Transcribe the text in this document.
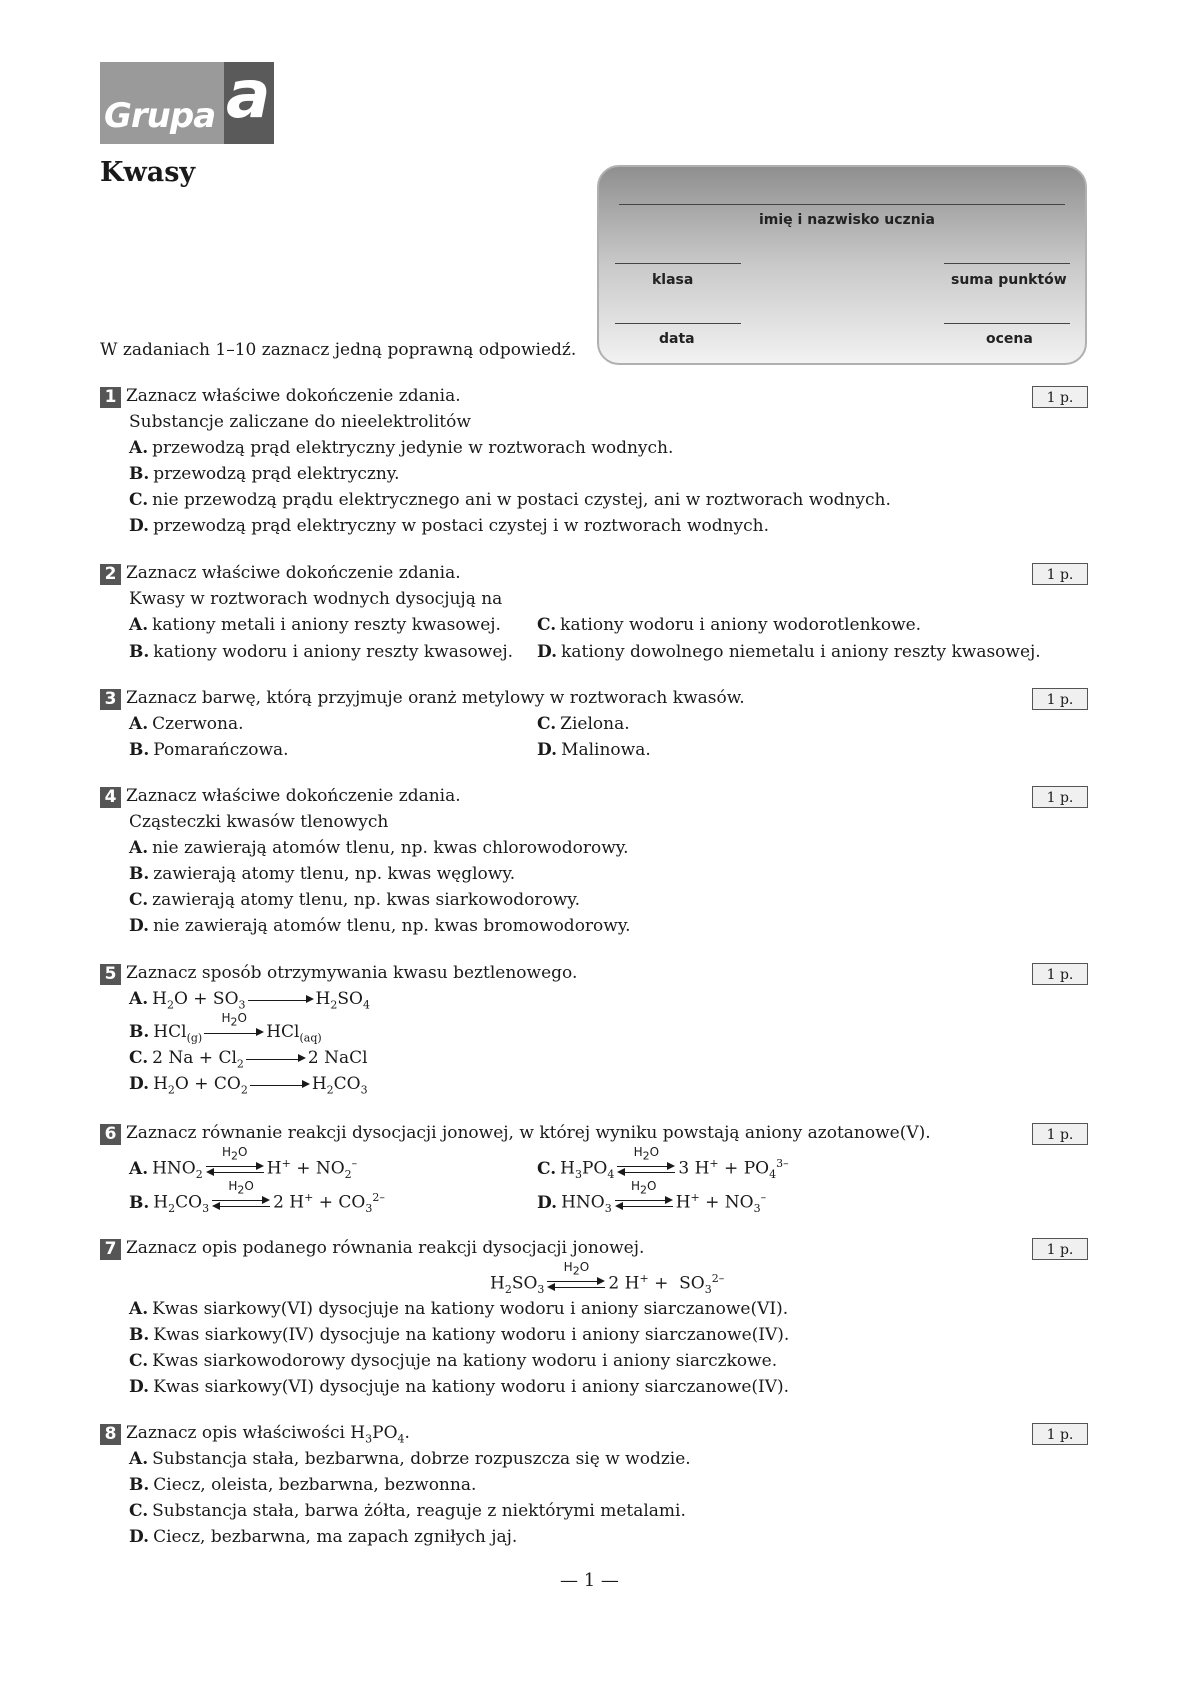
Grupa a
Kwasy
imię i nazwisko ucznia
klasa	suma punktów
data	ocena
W zadaniach 1–10 zaznacz jedną poprawną odpowiedź.
1 Zaznacz właściwe dokończenie zdania.	1 p.
Substancje zaliczane do nieelektrolitów
A. przewodzą prąd elektryczny jedynie w roztworach wodnych.
B. przewodzą prąd elektryczny.
C. nie przewodzą prądu elektrycznego ani w postaci czystej, ani w roztworach wodnych.
D. przewodzą prąd elektryczny w postaci czystej i w roztworach wodnych.
2 Zaznacz właściwe dokończenie zdania.	1 p.
Kwasy w roztworach wodnych dysocjują na
A. kationy metali i aniony reszty kwasowej.
B. kationy wodoru i aniony reszty kwasowej.
C. kationy wodoru i aniony wodorotlenkowe.
D. kationy dowolnego niemetalu i aniony reszty kwasowej.
3 Zaznacz barwę, którą przyjmuje oranż metylowy w roztworach kwasów.	1 p.
A. Czerwona.
B. Pomarańczowa.
C. Zielona.
D. Malinowa.
4 Zaznacz właściwe dokończenie zdania.	1 p.
Cząsteczki kwasów tlenowych
A. nie zawierają atomów tlenu, np. kwas chlorowodorowy.
B. zawierają atomy tlenu, np. kwas węglowy.
C. zawierają atomy tlenu, np. kwas siarkowodorowy.
D. nie zawierają atomów tlenu, np. kwas bromowodorowy.
5 Zaznacz sposób otrzymywania kwasu beztlenowego.	1 p.
A. $H_2O + SO_3$	$H_2SO_4$
B. HCl$_{(g)}$
$H_2O$
HCl$_{(aq)}$
C. 2 $Na + Cl_2$	2 NaCl
D. $H_2O + CO_2$	$H_2CO_3$
6 Zaznacz równanie reakcji dysocjacji jonowej, w której wyniku powstają aniony azotanowe(V).	1 p.
A. $HNO_2$
$H_2O$
$H^+ + NO_2^-$
B. $H_2CO_3$
$H_2O$
2 $H^+ + CO_3^{2-}$
C. $H_3PO_4$
$H_2O$
3 $H^+ + PO_4^{3-}$
D. $HNO_3$
$H_2O$
$H^+ + NO_3^-$
7 Zaznacz opis podanego równania reakcji dysocjacji jonowej.	1 p.
$H_2SO_3$
$H_2O$
2 $H^+ + SO_3^{2-}$
A. Kwas siarkowy(VI) dysocjuje na kationy wodoru i aniony siarczanowe(VI).
B. Kwas siarkowy(IV) dysocjuje na kationy wodoru i aniony siarczanowe(IV).
C. Kwas siarkowodorowy dysocjuje na kationy wodoru i aniony siarczkowe.
D. Kwas siarkowy(VI) dysocjuje na kationy wodoru i aniony siarczanowe(IV).
8 Zaznacz opis właściwości $H_3PO_4$.	1 p.
A. Substancja stała, bezbarwna, dobrze rozpuszcza się w wodzie.
B. Ciecz, oleista, bezbarwna, bezwonna.
C. Substancja stała, barwa żółta, reaguje z niektórymi metalami.
D. Ciecz, bezbarwna, ma zapach zgniłych jaj.
— 1 —
